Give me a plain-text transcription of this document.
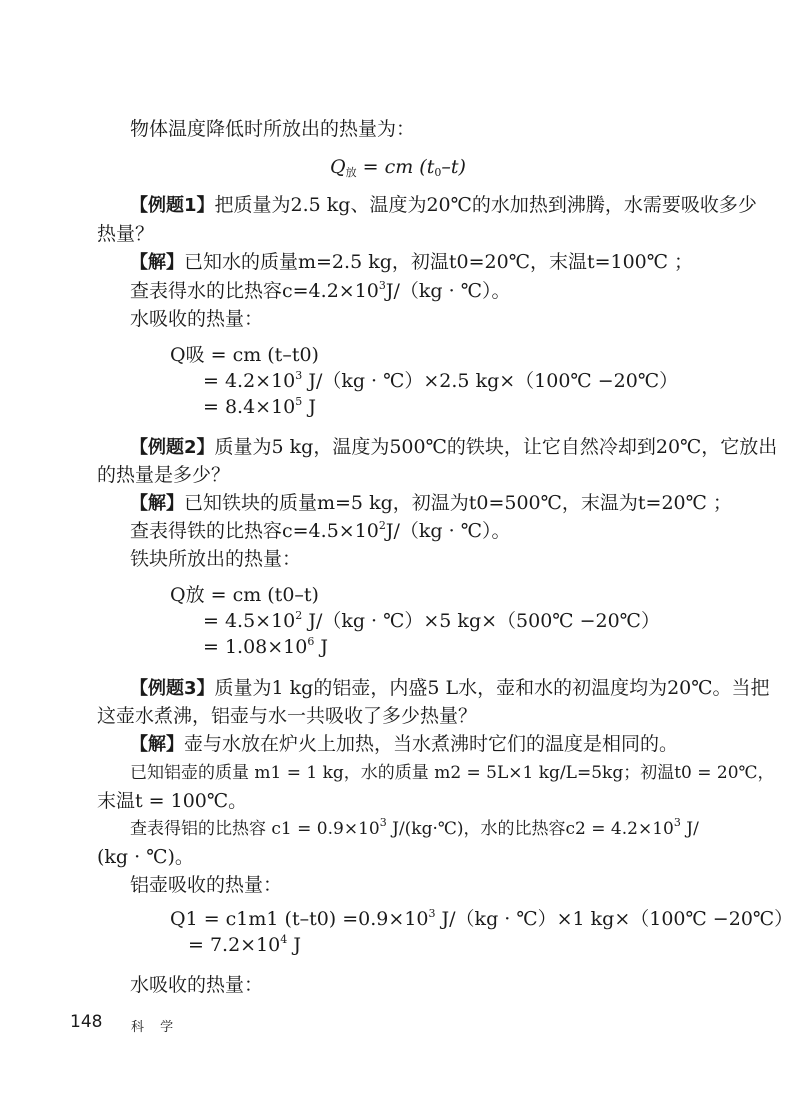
物体温度降低时所放出的热量为：
$Q_放$ = cm $(t_0-t)$
【例题1】把质量为2.5 kg、温度为20℃的水加热到沸腾，水需要吸收多少
热量？
【解】已知水的质量m=2.5 kg，初温t0=20℃，末温t=100℃ ；
查表得水的比热容$c=4.2\times 10^3J/(kg$ · ℃）。
水吸收的热量：
Q吸 = cm (t–t0)
= $4.2\times 10^3$ J/（kg · ℃）×2.5 kg×（100℃ −20℃）
= $8.4\times 10^5$ J
【例题2】质量为5 kg，温度为500℃的铁块，让它自然冷却到20℃，它放出
的热量是多少？
【解】已知铁块的质量m=5 kg，初温为t0=500℃，末温为t=20℃ ；
查表得铁的比热容$c=4.5\times 10^2J/(kg$ · ℃）。
铁块所放出的热量：
Q放 = cm (t0–t)
= $4.5\times 10^2$ J/（kg · ℃）×5 kg×（500℃ −20℃）
= $1.08\times 10^6$ J
【例题3】质量为1 kg的铝壶，内盛5 L水，壶和水的初温度均为20℃。当把
这壶水煮沸，铝壶与水一共吸收了多少热量？
【解】壶与水放在炉火上加热，当水煮沸时它们的温度是相同的。
已知铝壶的质量 m1 = 1 kg，水的质量 m2 = 5L×1 kg/L=5kg；初温t0 = 20℃，
末温t = 100℃。
查表得铝的比热容 $c1 = 0.9\times 10^3$ J/(kg·℃)，水的比热容$c2 = 4.2\times 10^3$ J/
(kg · ℃)。
铝壶吸收的热量：
Q1 = c1m1 $(t-t0) =0.9\times 10^3$ J/（kg · ℃）×1 kg×（100℃ −20℃）
= $7.2\times 10^4$ J
水吸收的热量：
148 科 学
